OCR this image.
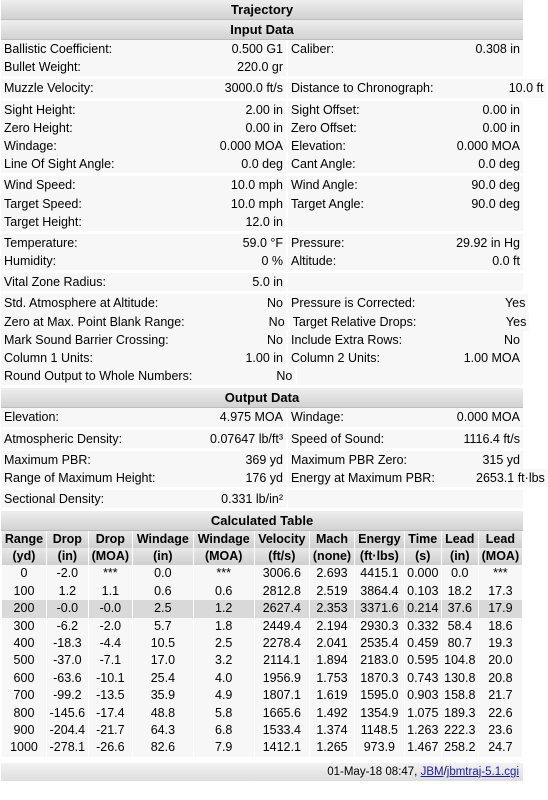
Trajectory
Input Data
Ballistic Coefficient:	0.500 G1 Caliber:	0.308 in
Bullet Weight:	220.0 gr
Muzzle Velocity:	3000.0 ft/s Distance to Chronograph:	10.0 ft
Sight Height:	2.00 in Sight Offset:	0.00 in
Zero Height:	0.00 in Zero Offset:	0.00 in
Windage:	0.000 MOA Elevation:	0.000 MOA
Line Of Sight Angle:	0.0 deg Cant Angle:	0.0 deg
Wind Speed:	10.0 mph Wind Angle:	90.0 deg
Target Speed:	10.0 mph Target Angle:	90.0 deg
Target Height:	12.0 in
Temperature:	59.0 °F Pressure:	29.92 in Hg
Humidity:	0 % Altitude:	0.0 ft
Vital Zone Radius:	5.0 in
Std. Atmosphere at Altitude:	No Pressure is Corrected:	Yes
Zero at Max. Point Blank Range:	No Target Relative Drops:	Yes
Mark Sound Barrier Crossing:	No Include Extra Rows:	No
Column 1 Units:	1.00 in Column 2 Units:	1.00 MOA
Round Output to Whole Numbers:	No
Output Data
Elevation:	4.975 MOA Windage:	0.000 MOA
Atmospheric Density:	0.07647 lb/ft³ Speed of Sound:	1116.4 ft/s
Maximum PBR:	369 yd Maximum PBR Zero:	315 yd
Range of Maximum Height:	176 yd Energy at Maximum PBR:	2653.1 ft·lbs
Sectional Density:	0.331 lb/in²
Calculated Table
Range	Drop	Drop	Windage	Windage	Velocity	Mach	Energy	Time	Lead	Lead
(yd)	(in)	(MOA)	(in)	(MOA)	(ft/s)	(none)	(ft·lbs)	(s)	(in)	(MOA)
0	-2.0	***	0.0	***	3006.6	2.693	4415.1	0.000	0.0	***
100	1.2	1.1	0.6	0.6	2812.8	2.519	3864.4	0.103	18.2	17.3
200	-0.0	-0.0	2.5	1.2	2627.4	2.353	3371.6	0.214	37.6	17.9
300	-6.2	-2.0	5.7	1.8	2449.4	2.194	2930.3	0.332	58.4	18.6
400	-18.3	-4.4	10.5	2.5	2278.4	2.041	2535.4	0.459	80.7	19.3
500	-37.0	-7.1	17.0	3.2	2114.1	1.894	2183.0	0.595	104.8	20.0
600	-63.6	-10.1	25.4	4.0	1956.9	1.753	1870.3	0.743	130.8	20.8
700	-99.2	-13.5	35.9	4.9	1807.1	1.619	1595.0	0.903	158.8	21.7
800	-145.6	-17.4	48.8	5.8	1665.6	1.492	1354.9	1.075	189.3	22.6
900	-204.4	-21.7	64.3	6.8	1533.4	1.374	1148.5	1.263	222.3	23.6
1000	-278.1	-26.6	82.6	7.9	1412.1	1.265	973.9	1.467	258.2	24.7
01-May-18 08:47, JBM/jbmtraj-5.1.cgi
